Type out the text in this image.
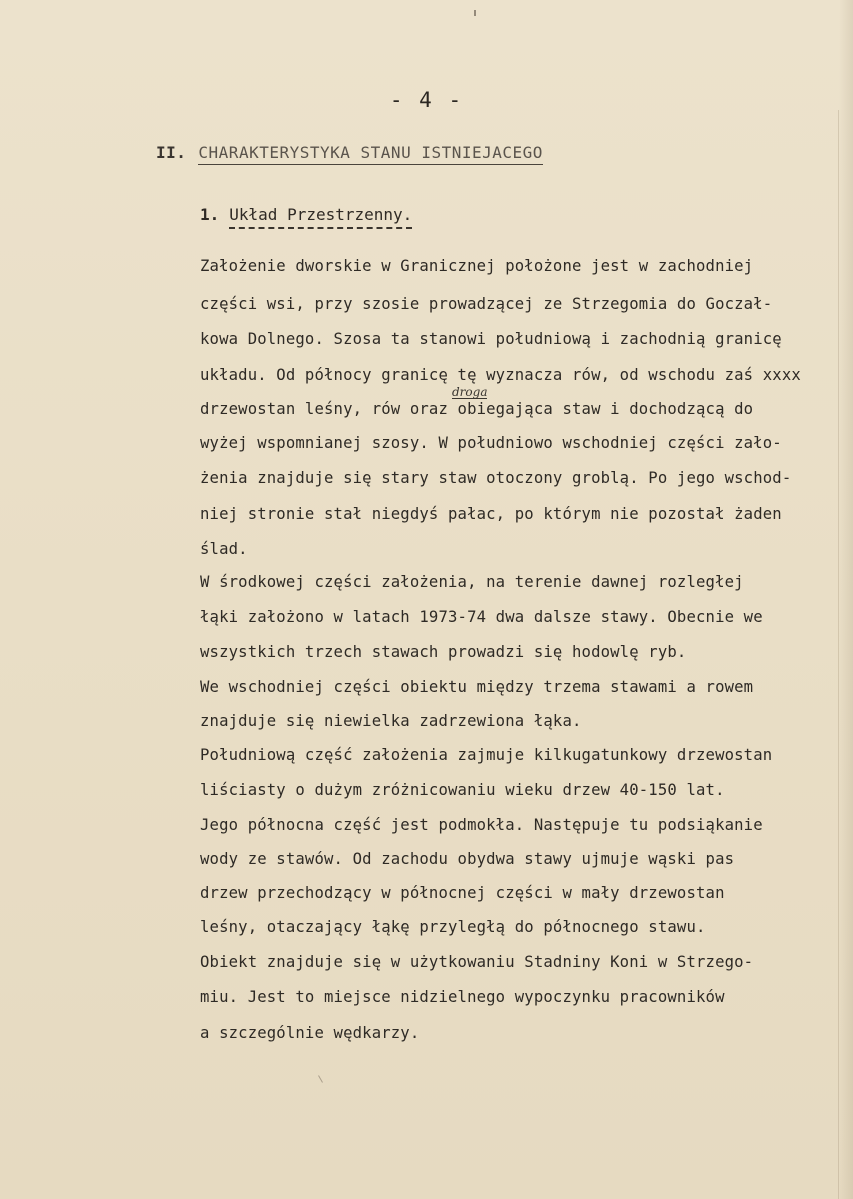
- 4 -
II. CHARAKTERYSTYKA STANU ISTNIEJACEGO
1. Układ Przestrzenny.
droga
Założenie dworskie w Granicznej położone jest w zachodniej
części wsi, przy szosie prowadzącej ze Strzegomia do Goczał-
kowa Dolnego. Szosa ta stanowi południową i zachodnią granicę
układu. Od północy granicę tę wyznacza rów, od wschodu zaś xxxx
drzewostan leśny, rów oraz obiegająca staw i dochodzącą do
wyżej wspomnianej szosy. W południowo wschodniej części zało-
żenia znajduje się stary staw otoczony groblą. Po jego wschod-
niej stronie stał niegdyś pałac, po którym nie pozostał żaden
ślad.
W środkowej części założenia, na terenie dawnej rozległej
łąki założono w latach 1973-74 dwa dalsze stawy. Obecnie we
wszystkich trzech stawach prowadzi się hodowlę ryb.
We wschodniej części obiektu między trzema stawami a rowem
znajduje się niewielka zadrzewiona łąka.
Południową część założenia zajmuje kilkugatunkowy drzewostan
liściasty o dużym zróżnicowaniu wieku drzew 40-150 lat.
Jego północna część jest podmokła. Następuje tu podsiąkanie
wody ze stawów. Od zachodu obydwa stawy ujmuje wąski pas
drzew przechodzący w północnej części w mały drzewostan
leśny, otaczający łąkę przyległą do północnego stawu.
Obiekt znajduje się w użytkowaniu Stadniny Koni w Strzego-
miu. Jest to miejsce nidzielnego wypoczynku pracowników
a szczególnie wędkarzy.
